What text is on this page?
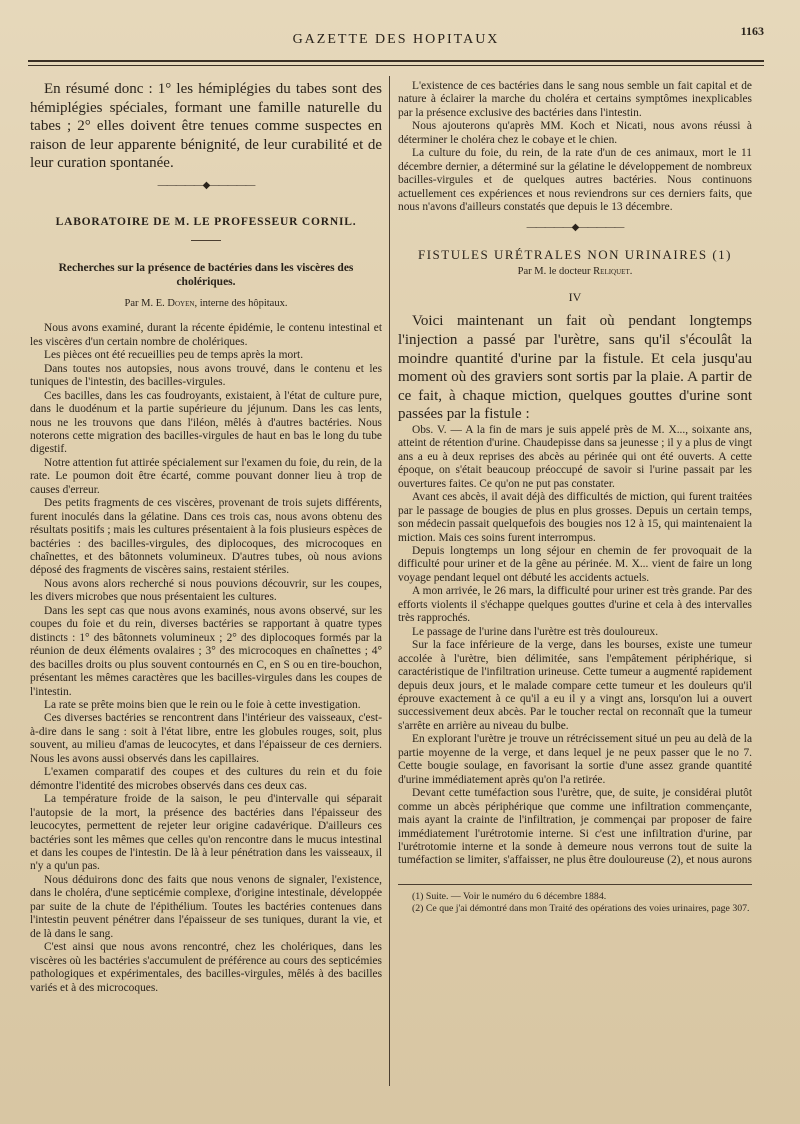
GAZETTE DES HOPITAUX
1163

En résumé donc : 1° les hémiplégies du tabes sont des hémiplégies spéciales, formant une famille naturelle du tabes ; 2° elles doivent être tenues comme suspectes en raison de leur apparente bénignité, de leur curabilité et de leur curation spontanée.

—————◆—————
LABORATOIRE DE M. LE PROFESSEUR CORNIL.
Recherches sur la présence de bactéries dans les viscères des cholériques.
Par M. E. Doyen, interne des hôpitaux.

Nous avons examiné, durant la récente épidémie, le contenu intestinal et les viscères d'un certain nombre de cholériques.

Les pièces ont été recueillies peu de temps après la mort.

Dans toutes nos autopsies, nous avons trouvé, dans le contenu et les tuniques de l'intestin, des bacilles-virgules.

Ces bacilles, dans les cas foudroyants, existaient, à l'état de culture pure, dans le duodénum et la partie supérieure du jéjunum. Dans les cas lents, nous ne les trouvons que dans l'iléon, mêlés à d'autres bactéries. Nous noterons cette migration des bacilles-virgules de haut en bas le long du tube digestif.

Notre attention fut attirée spécialement sur l'examen du foie, du rein, de la rate. Le poumon doit être écarté, comme pouvant donner lieu à trop de causes d'erreur.

Des petits fragments de ces viscères, provenant de trois sujets différents, furent inoculés dans la gélatine. Dans ces trois cas, nous avons obtenu des résultats positifs ; mais les cultures présentaient à la fois plusieurs espèces de bactéries : des bacilles-virgules, des diplocoques, des microcoques en chaînettes, et des bâtonnets volumineux. D'autres tubes, où nous avions déposé des fragments de viscères sains, restaient stériles.

Nous avons alors recherché si nous pouvions découvrir, sur les coupes, les divers microbes que nous présentaient les cultures.

Dans les sept cas que nous avons examinés, nous avons observé, sur les coupes du foie et du rein, diverses bactéries se rapportant à quatre types distincts : 1° des bâtonnets volumineux ; 2° des diplocoques formés par la réunion de deux éléments ovalaires ; 3° des microcoques en chaînettes ; 4° des bacilles droits ou plus souvent contournés en C, en S ou en tire-bouchon, présentant les mêmes caractères que les bacilles-virgules dans les coupes de l'intestin.

La rate se prête moins bien que le rein ou le foie à cette investigation.

Ces diverses bactéries se rencontrent dans l'intérieur des vaisseaux, c'est-à-dire dans le sang : soit à l'état libre, entre les globules rouges, soit, plus souvent, au milieu d'amas de leucocytes, et dans l'épaisseur de ces derniers. Nous les avons aussi observés dans les capillaires.

L'examen comparatif des coupes et des cultures du rein et du foie démontre l'identité des microbes observés dans ces deux cas.

La température froide de la saison, le peu d'intervalle qui séparait l'autopsie de la mort, la présence des bactéries dans l'épaisseur des leucocytes, permettent de rejeter leur origine cadavérique. D'ailleurs ces bactéries sont les mêmes que celles qu'on rencontre dans le mucus intestinal et dans les coupes de l'intestin. De là à leur pénétration dans les vaisseaux, il n'y a qu'un pas.

Nous déduirons donc des faits que nous venons de signaler, l'existence, dans le choléra, d'une septicémie complexe, d'origine intestinale, développée par suite de la chute de l'épithélium. Toutes les bactéries contenues dans l'intestin peuvent pénétrer dans l'épaisseur de ses tuniques, durant la vie, et de là dans le sang.

C'est ainsi que nous avons rencontré, chez les cholériques, dans les viscères où les bactéries s'accumulent de préférence au cours des septicémies pathologiques et expérimentales, des bacilles-virgules, mêlés à des bacilles variés et à des microcoques.

L'existence de ces bactéries dans le sang nous semble un fait capital et de nature à éclairer la marche du choléra et certains symptômes inexplicables par la présence exclusive des bactéries dans l'intestin.

Nous ajouterons qu'après MM. Koch et Nicati, nous avons réussi à déterminer le choléra chez le cobaye et le chien.

La culture du foie, du rein, de la rate d'un de ces animaux, mort le 11 décembre dernier, a déterminé sur la gélatine le développement de nombreux bacilles-virgules et de quelques autres bactéries. Nous continuons actuellement ces expériences et nous reviendrons sur ces derniers faits, que nous n'avons d'ailleurs constatés que depuis le 13 décembre.

—————◆—————
FISTULES URÉTRALES NON URINAIRES (1)
Par M. le docteur Reliquet.
IV

Voici maintenant un fait où pendant longtemps l'injection a passé par l'urètre, sans qu'il s'écoulât la moindre quantité d'urine par la fistule. Et cela jusqu'au moment où des graviers sont sortis par la plaie. A partir de ce fait, à chaque miction, quelques gouttes d'urine sont passées par la fistule :

Obs. V. — A la fin de mars je suis appelé près de M. X..., soixante ans, atteint de rétention d'urine. Chaudepisse dans sa jeunesse ; il y a plus de vingt ans a eu à deux reprises des abcès au périnée qui ont été ouverts. A cette époque, on s'était beaucoup préoccupé de savoir si l'urine passait par les ouvertures faites. Ce qu'on ne put pas constater.

Avant ces abcès, il avait déjà des difficultés de miction, qui furent traitées par le passage de bougies de plus en plus grosses. Depuis un certain temps, son médecin passait quelquefois des bougies nos 12 à 15, qui maintenaient la miction. Mais ces soins furent interrompus.

Depuis longtemps un long séjour en chemin de fer provoquait de la difficulté pour uriner et de la gêne au périnée. M. X... vient de faire un long voyage pendant lequel ont débuté les accidents actuels.

A mon arrivée, le 26 mars, la difficulté pour uriner est très grande. Par des efforts violents il s'échappe quelques gouttes d'urine et cela à des intervalles très rapprochés.

Le passage de l'urine dans l'urètre est très douloureux.

Sur la face inférieure de la verge, dans les bourses, existe une tumeur accolée à l'urètre, bien délimitée, sans l'empâtement périphérique, si caractéristique de l'infiltration urineuse. Cette tumeur a augmenté rapidement depuis deux jours, et le malade compare cette tumeur et les douleurs qu'il éprouve exactement à ce qu'il a eu il y a vingt ans, lorsqu'on lui a ouvert successivement deux abcès. Par le toucher rectal on reconnaît que la tumeur s'arrête en arrière au niveau du bulbe.

En explorant l'urètre je trouve un rétrécissement situé un peu au delà de la partie moyenne de la verge, et dans lequel je ne peux passer que le no 7. Cette bougie soulage, en favorisant la sortie d'une assez grande quantité d'urine immédiatement après qu'on l'a retirée.

Devant cette tuméfaction sous l'urètre, que, de suite, je considérai plutôt comme un abcès périphérique que comme une infiltration commençante, mais ayant la crainte de l'infiltration, je commençai par proposer de faire immédiatement l'urétrotomie interne. Si c'est une infiltration d'urine, par l'urétrotomie interne et la sonde à demeure nous verrons tout de suite la tuméfaction se limiter, s'affaisser, ne plus être douloureuse (2), et nous aurons

(1) Suite. — Voir le numéro du 6 décembre 1884.

(2) Ce que j'ai démontré dans mon Traité des opérations des voies urinaires, page 307.
